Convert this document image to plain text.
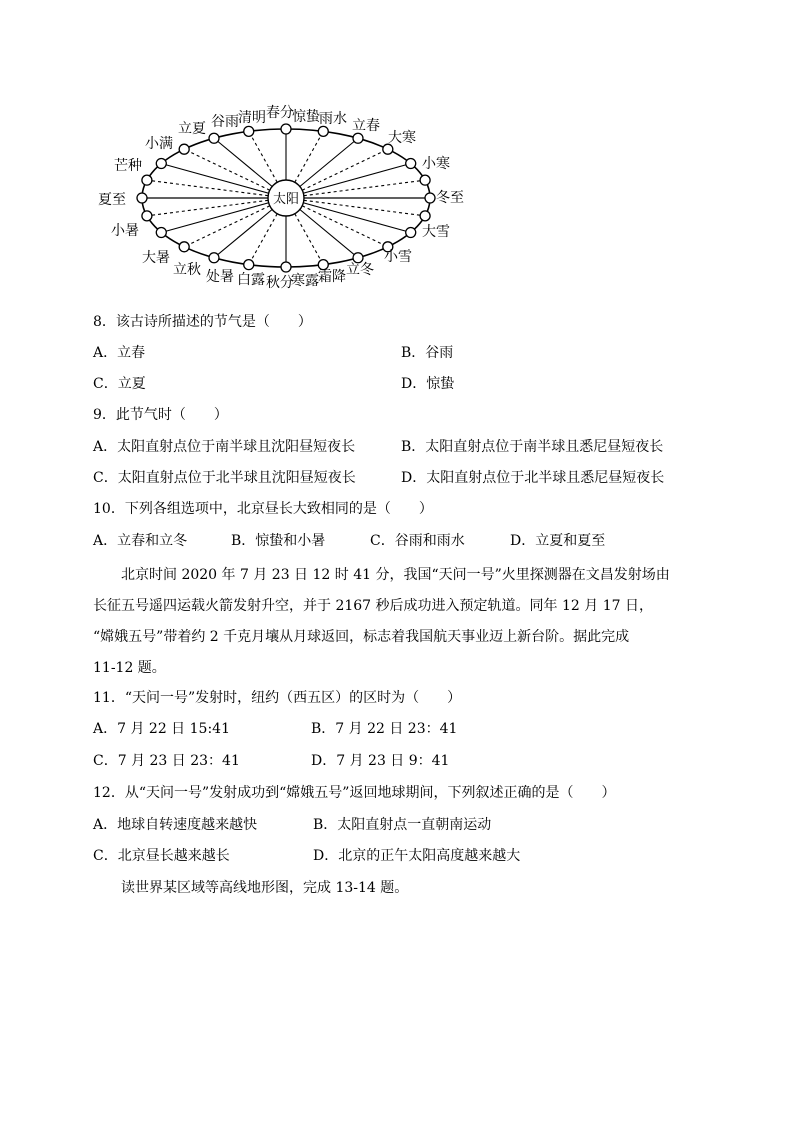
太阳
春分
惊蛰 雨水 立春
大寒
小寒
冬至
大雪
小雪
立冬
霜降
寒露
秋分
白露
处暑
立秋
大暑
小暑
夏至
芒种
小满
立夏 谷雨 清明
8．该古诗所描述的节气是（　　）
A．立春	B．谷雨
C．立夏	D．惊蛰
9．此节气时（　　）
A．太阳直射点位于南半球且沈阳昼短夜长	B．太阳直射点位于南半球且悉尼昼短夜长
C．太阳直射点位于北半球且沈阳昼短夜长	D．太阳直射点位于北半球且悉尼昼短夜长
10．下列各组选项中，北京昼长大致相同的是（　　）
A．立春和立冬	B．惊蛰和小暑	C．谷雨和雨水	D．立夏和夏至

北京时间 2020 年 7 月 23 日 12 时 41 分，我国“天问一号”火里探测器在文昌发射场由

长征五号遥四运载火箭发射升空，并于 2167 秒后成功进入预定轨道。同年 12 月 17 日，

“嫦娥五号”带着约 2 千克月壤从月球返回，标志着我国航天事业迈上新台阶。据此完成

11-12 题。

11．“天问一号”发射时，纽约（西五区）的区时为（　　）
A．7 月 22 日 15:41	B．7 月 22 日 23：41
C．7 月 23 日 23：41	D．7 月 23 日 9：41
12．从“天问一号”发射成功到“嫦娥五号”返回地球期间，下列叙述正确的是（　　）
A．地球自转速度越来越快	B．太阳直射点一直朝南运动
C．北京昼长越来越长	D．北京的正午太阳高度越来越大
读世界某区域等高线地形图，完成 13-14 题。
